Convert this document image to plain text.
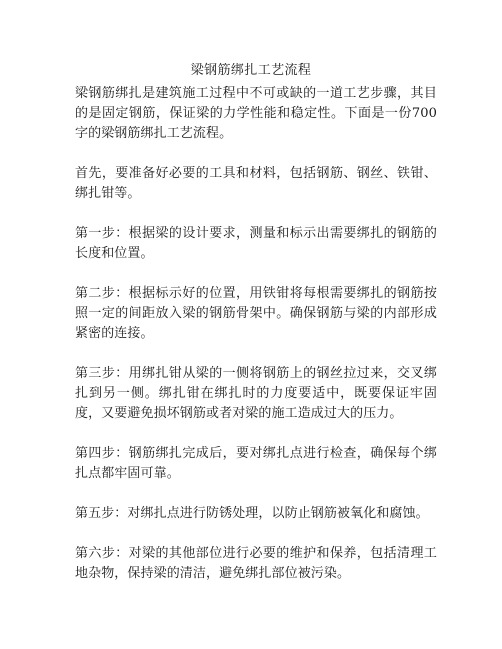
梁钢筋绑扎工艺流程

梁钢筋绑扎是建筑施工过程中不可或缺的一道工艺步骤，其目的是固定钢筋，保证梁的力学性能和稳定性。下面是一份700字的梁钢筋绑扎工艺流程。

首先，要准备好必要的工具和材料，包括钢筋、钢丝、铁钳、绑扎钳等。

第一步：根据梁的设计要求，测量和标示出需要绑扎的钢筋的长度和位置。

第二步：根据标示好的位置，用铁钳将每根需要绑扎的钢筋按照一定的间距放入梁的钢筋骨架中。确保钢筋与梁的内部形成紧密的连接。

第三步：用绑扎钳从梁的一侧将钢筋上的钢丝拉过来，交叉绑扎到另一侧。绑扎钳在绑扎时的力度要适中，既要保证牢固度，又要避免损坏钢筋或者对梁的施工造成过大的压力。

第四步：钢筋绑扎完成后，要对绑扎点进行检查，确保每个绑扎点都牢固可靠。

第五步：对绑扎点进行防锈处理，以防止钢筋被氧化和腐蚀。

第六步：对梁的其他部位进行必要的维护和保养，包括清理工地杂物，保持梁的清洁，避免绑扎部位被污染。
